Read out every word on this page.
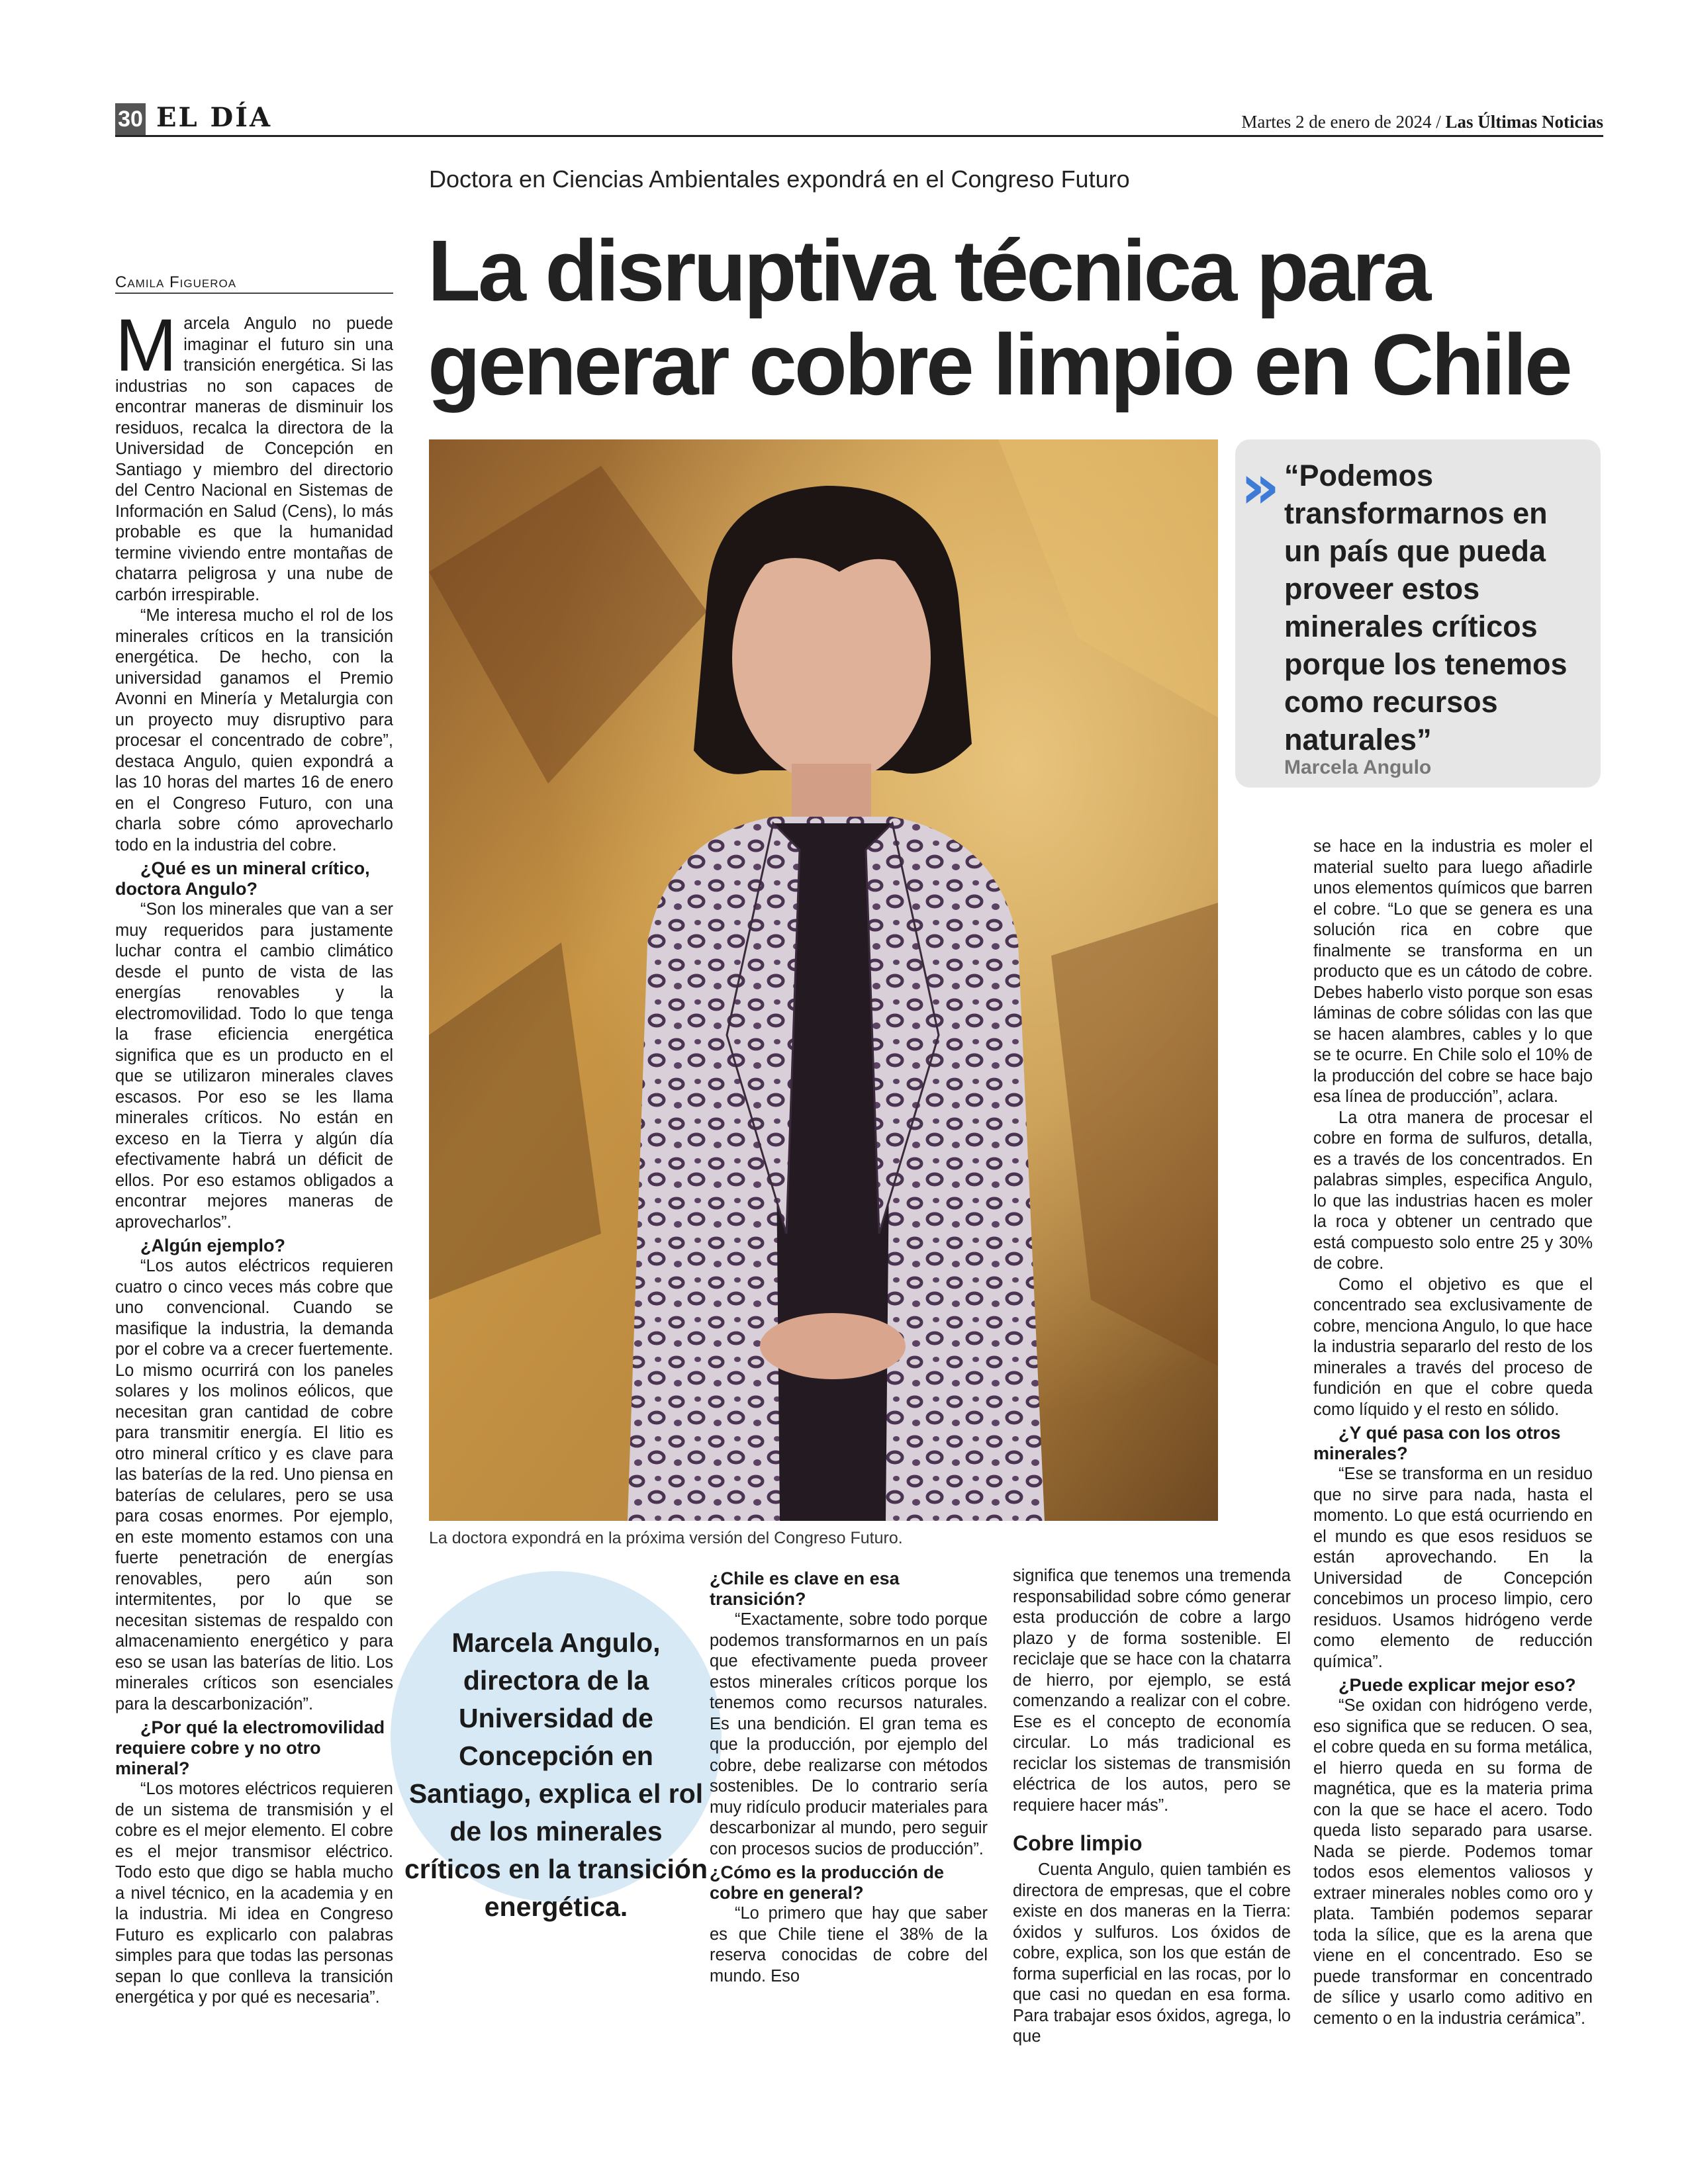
30 EL DÍA	Martes 2 de enero de 2024 / Las Últimas Noticias
Doctora en Ciencias Ambientales expondrá en el Congreso Futuro
La disruptiva técnica para
generar cobre limpio en Chile
Camila Figueroa

Marcela Angulo no puede imaginar el futuro sin una transición energética. Si las industrias no son capaces de encontrar maneras de disminuir los residuos, recalca la directora de la Universidad de Concepción en Santiago y miembro del directorio del Centro Nacional en Sistemas de Información en Salud (Cens), lo más probable es que la humanidad termine viviendo entre montañas de chatarra peligrosa y una nube de carbón irrespirable.

“Me interesa mucho el rol de los minerales críticos en la transición energética. De hecho, con la universidad ganamos el Premio Avonni en Minería y Metalurgia con un proyecto muy disruptivo para procesar el concentrado de cobre”, destaca Angulo, quien expondrá a las 10 horas del martes 16 de enero en el Congreso Futuro, con una charla sobre cómo aprovecharlo todo en la industria del cobre.

¿Qué es un mineral crítico, doctora Angulo?

“Son los minerales que van a ser muy requeridos para justamente luchar contra el cambio climático desde el punto de vista de las energías renovables y la electromovilidad. Todo lo que tenga la frase eficiencia energética significa que es un producto en el que se utilizaron minerales claves escasos. Por eso se les llama minerales críticos. No están en exceso en la Tierra y algún día efectivamente habrá un déficit de ellos. Por eso estamos obligados a encontrar mejores maneras de aprovecharlos”.

¿Algún ejemplo?

“Los autos eléctricos requieren cuatro o cinco veces más cobre que uno convencional. Cuando se masifique la industria, la demanda por el cobre va a crecer fuertemente. Lo mismo ocurrirá con los paneles solares y los molinos eólicos, que necesitan gran cantidad de cobre para transmitir energía. El litio es otro mineral crítico y es clave para las baterías de la red. Uno piensa en baterías de celulares, pero se usa para cosas enormes. Por ejemplo, en este momento estamos con una fuerte penetración de energías renovables, pero aún son intermitentes, por lo que se necesitan sistemas de respaldo con almacenamiento energético y para eso se usan las baterías de litio. Los minerales críticos son esenciales para la descarbonización”.

¿Por qué la electromovilidad requiere cobre y no otro mineral?

“Los motores eléctricos requieren de un sistema de transmisión y el cobre es el mejor elemento. El cobre es el mejor transmisor eléctrico. Todo esto que digo se habla mucho a nivel técnico, en la academia y en la industria. Mi idea en Congreso Futuro es explicarlo con palabras simples para que todas las personas sepan lo que conlleva la transición energética y por qué es necesaria”.

La doctora expondrá en la próxima versión del Congreso Futuro.
» “Podemos transformarnos en un país que pueda proveer estos minerales críticos porque los tenemos como recursos naturales”
Marcela Angulo
Marcela Angulo, directora de la Universidad de Concepción en Santiago, explica el rol de los minerales críticos en la transición energética.
¿Chile es clave en esa transición?

“Exactamente, sobre todo porque podemos transformarnos en un país que efectivamente pueda proveer estos minerales críticos porque los tenemos como recursos naturales. Es una bendición. El gran tema es que la producción, por ejemplo del cobre, debe realizarse con métodos sostenibles. De lo contrario sería muy ridículo producir materiales para descarbonizar al mundo, pero seguir con procesos sucios de producción”.

¿Cómo es la producción de cobre en general?

“Lo primero que hay que saber es que Chile tiene el 38% de la reserva conocidas de cobre del mundo. Eso

significa que tenemos una tremenda responsabilidad sobre cómo generar esta producción de cobre a largo plazo y de forma sostenible. El reciclaje que se hace con la chatarra de hierro, por ejemplo, se está comenzando a realizar con el cobre. Ese es el concepto de economía circular. Lo más tradicional es reciclar los sistemas de transmisión eléctrica de los autos, pero se requiere hacer más”.

Cobre limpio

Cuenta Angulo, quien también es directora de empresas, que el cobre existe en dos maneras en la Tierra: óxidos y sulfuros. Los óxidos de cobre, explica, son los que están de forma superficial en las rocas, por lo que casi no quedan en esa forma. Para trabajar esos óxidos, agrega, lo que

se hace en la industria es moler el material suelto para luego añadirle unos elementos químicos que barren el cobre. “Lo que se genera es una solución rica en cobre que finalmente se transforma en un producto que es un cátodo de cobre. Debes haberlo visto porque son esas láminas de cobre sólidas con las que se hacen alambres, cables y lo que se te ocurre. En Chile solo el 10% de la producción del cobre se hace bajo esa línea de producción”, aclara.

La otra manera de procesar el cobre en forma de sulfuros, detalla, es a través de los concentrados. En palabras simples, especifica Angulo, lo que las industrias hacen es moler la roca y obtener un centrado que está compuesto solo entre 25 y 30% de cobre.

Como el objetivo es que el concentrado sea exclusivamente de cobre, menciona Angulo, lo que hace la industria separarlo del resto de los minerales a través del proceso de fundición en que el cobre queda como líquido y el resto en sólido.

¿Y qué pasa con los otros minerales?

“Ese se transforma en un residuo que no sirve para nada, hasta el momento. Lo que está ocurriendo en el mundo es que esos residuos se están aprovechando. En la Universidad de Concepción concebimos un proceso limpio, cero residuos. Usamos hidrógeno verde como elemento de reducción química”.

¿Puede explicar mejor eso?

“Se oxidan con hidrógeno verde, eso significa que se reducen. O sea, el cobre queda en su forma metálica, el hierro queda en su forma de magnética, que es la materia prima con la que se hace el acero. Todo queda listo separado para usarse. Nada se pierde. Podemos tomar todos esos elementos valiosos y extraer minerales nobles como oro y plata. También podemos separar toda la sílice, que es la arena que viene en el concentrado. Eso se puede transformar en concentrado de sílice y usarlo como aditivo en cemento o en la industria cerámica”.
